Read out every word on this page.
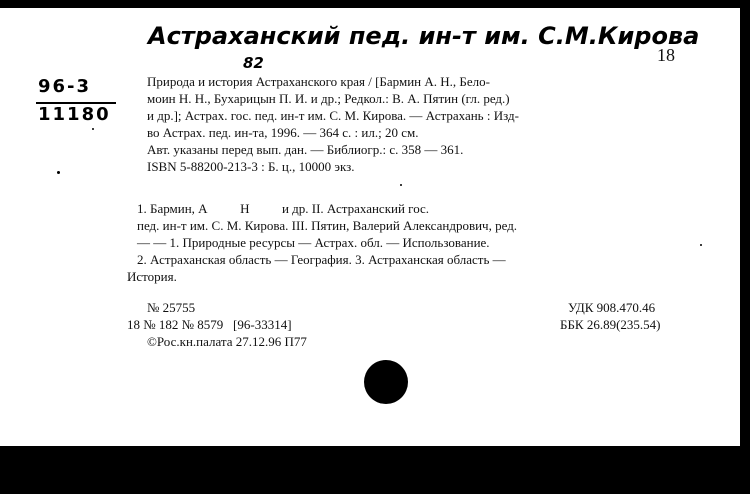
Астраханский пед. ин-т им. С.М.Кирова
82
96-3
11180
18
Природа и история Астраханского края / [Бармин А. Н., Бело-
моин Н. Н., Бухарицын П. И. и др.; Редкол.: В. А. Пятин (гл. ред.)
и др.]; Астрах. гос. пед. ин-т им. С. М. Кирова. — Астрахань : Изд-
во Астрах. пед. ин-та, 1996. — 364 с. : ил.; 20 см.
Авт. указаны перед вып. дан. — Библиогр.: с. 358 — 361.
ISBN 5-88200-213-3 : Б. ц., 10000 экз.
1. Бармин, А          Н          и др. II. Астраханский гос.
пед. ин-т им. С. М. Кирова. III. Пятин, Валерий Александрович, ред.
— — 1. Природные ресурсы — Астрах. обл. — Использование.
2. Астраханская область — География. 3. Астраханская область —
История.
№ 25755
18 № 182 № 8579   [96-33314]
©Рос.кн.палата 27.12.96 П77
УДК 908.470.46
ББК 26.89(235.54)
